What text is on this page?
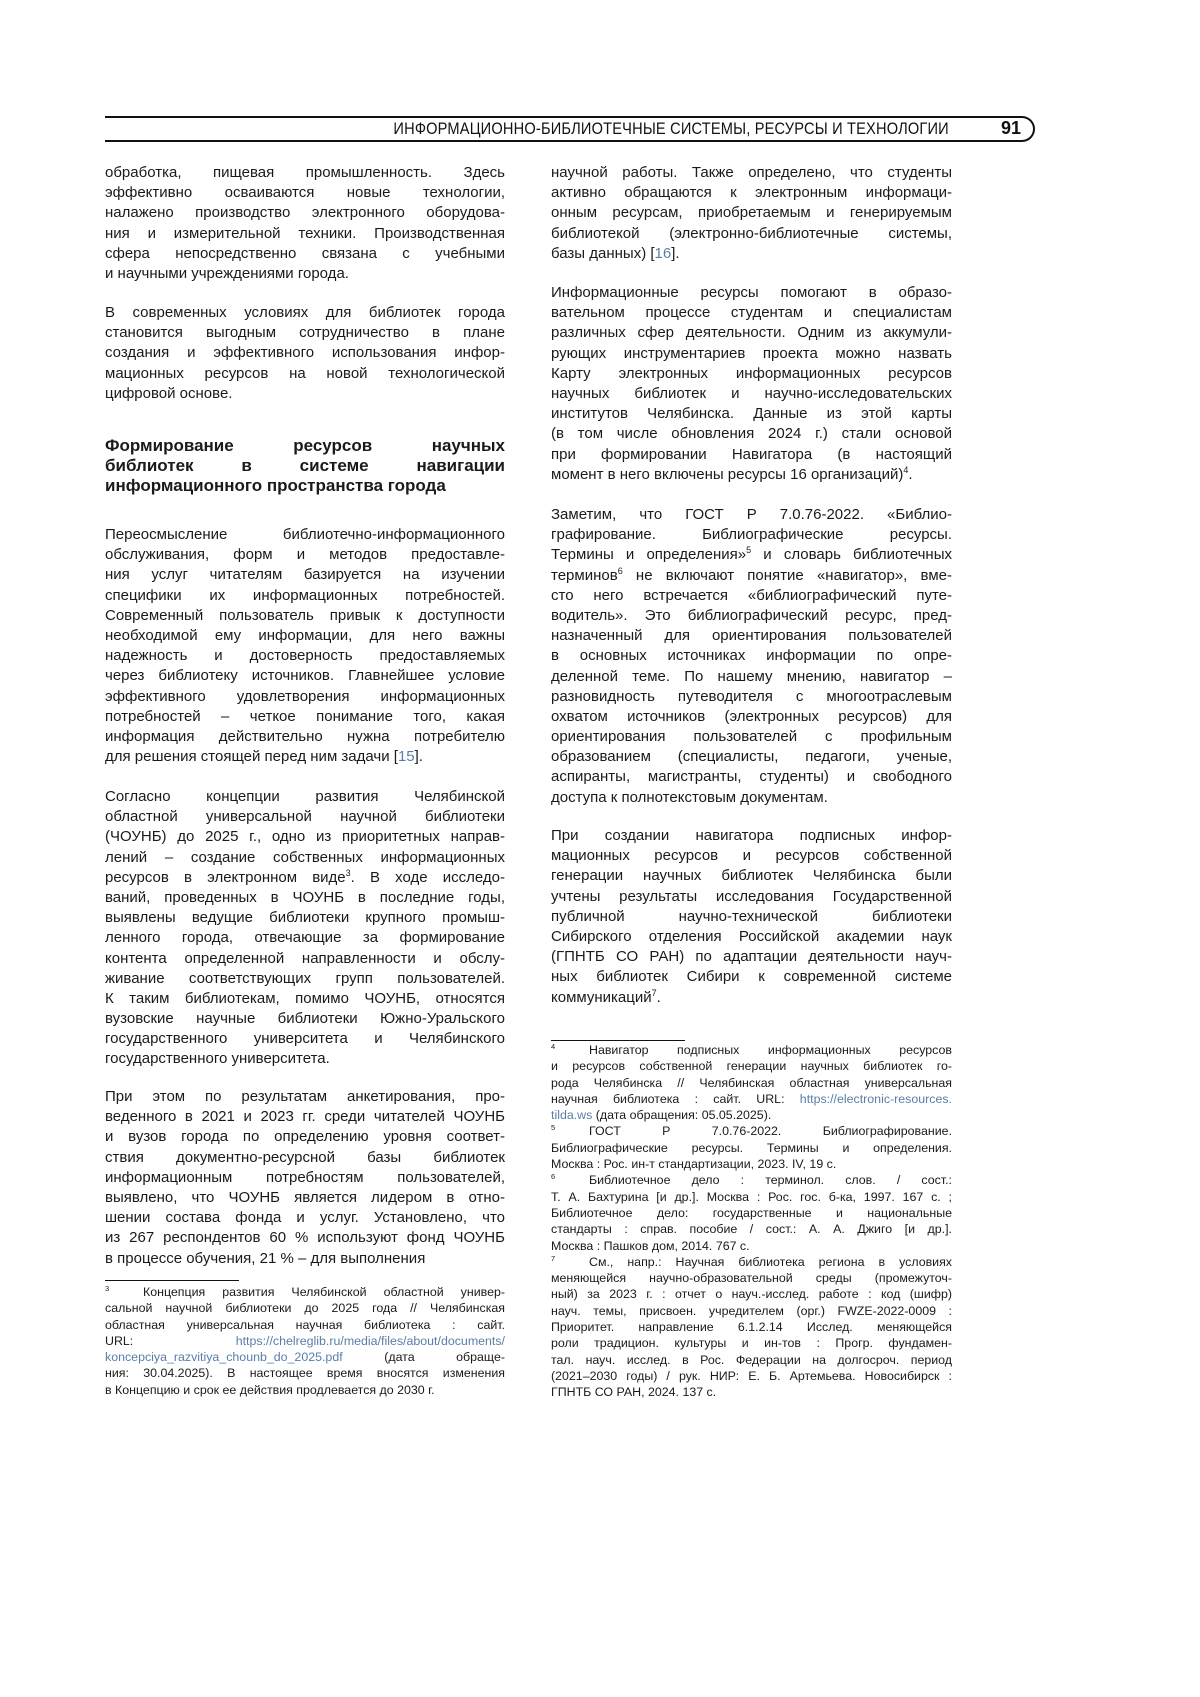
ИНФОРМАЦИОННО-БИБЛИОТЕЧНЫЕ СИСТЕМЫ, РЕСУРСЫ И ТЕХНОЛОГИИ	91
обработка, пищевая промышленность. Здесь
эффективно осваиваются новые технологии,
налажено производство электронного оборудова-
ния и измерительной техники. Производственная
сфера непосредственно связана с учебными
и научными учреждениями города.
В современных условиях для библиотек города
становится выгодным сотрудничество в плане
создания и эффективного использования инфор-
мационных ресурсов на новой технологической
цифровой основе.
Формирование ресурсов научных
библиотек в системе навигации
информационного пространства города
Переосмысление библиотечно-информационного
обслуживания, форм и методов предоставле-
ния услуг читателям базируется на изучении
специфики их информационных потребностей.
Современный пользователь привык к доступности
необходимой ему информации, для него важны
надежность и достоверность предоставляемых
через библиотеку источников. Главнейшее условие
эффективного удовлетворения информационных
потребностей – четкое понимание того, какая
информация действительно нужна потребителю
для решения стоящей перед ним задачи [15].
Согласно концепции развития Челябинской
областной универсальной научной библиотеки
(ЧОУНБ) до 2025 г., одно из приоритетных направ-
лений – создание собственных информационных
ресурсов в электронном виде3. В ходе исследо-
ваний, проведенных в ЧОУНБ в последние годы,
выявлены ведущие библиотеки крупного промыш-
ленного города, отвечающие за формирование
контента определенной направленности и обслу-
живание соответствующих групп пользователей.
К таким библиотекам, помимо ЧОУНБ, относятся
вузовские научные библиотеки Южно-Уральского
государственного университета и Челябинского
государственного университета.
При этом по результатам анкетирования, про-
веденного в 2021 и 2023 гг. среди читателей ЧОУНБ
и вузов города по определению уровня соответ-
ствия документно-ресурсной базы библиотек
информационным потребностям пользователей,
выявлено, что ЧОУНБ является лидером в отно-
шении состава фонда и услуг. Установлено, что
из 267 респондентов 60 % используют фонд ЧОУНБ
в процессе обучения, 21 % – для выполнения
3	Концепция развития Челябинской областной универ-
сальной научной библиотеки до 2025 года // Челябинская
областная универсальная научная библиотека : сайт.
URL: https://chelreglib.ru/media/files/about/documents/
koncepciya_razvitiya_chounb_do_2025.pdf (дата обраще-
ния: 30.04.2025). В настоящее время вносятся изменения
в Концепцию и срок ее действия продлевается до 2030 г.
научной работы. Также определено, что студенты
активно обращаются к электронным информаци-
онным ресурсам, приобретаемым и генерируемым
библиотекой (электронно-библиотечные системы,
базы данных) [16].
Информационные ресурсы помогают в образо-
вательном процессе студентам и специалистам
различных сфер деятельности. Одним из аккумули-
рующих инструментариев проекта можно назвать
Карту электронных информационных ресурсов
научных библиотек и научно-исследовательских
институтов Челябинска. Данные из этой карты
(в том числе обновления 2024 г.) стали основой
при формировании Навигатора (в настоящий
момент в него включены ресурсы 16 организаций)4.
Заметим, что ГОСТ Р 7.0.76-2022. «Библио-
графирование. Библиографические ресурсы.
Термины и определения»5 и словарь библиотечных
терминов6 не включают понятие «навигатор», вме-
сто него встречается «библиографический путе-
водитель». Это библиографический ресурс, пред-
назначенный для ориентирования пользователей
в основных источниках информации по опре-
деленной теме. По нашему мнению, навигатор –
разновидность путеводителя с многоотраслевым
охватом источников (электронных ресурсов) для
ориентирования пользователей с профильным
образованием (специалисты, педагоги, ученые,
аспиранты, магистранты, студенты) и свободного
доступа к полнотекстовым документам.
При создании навигатора подписных инфор-
мационных ресурсов и ресурсов собственной
генерации научных библиотек Челябинска были
учтены результаты исследования Государственной
публичной научно-технической библиотеки
Сибирского отделения Российской академии наук
(ГПНТБ СО РАН) по адаптации деятельности науч-
ных библиотек Сибири к современной системе
коммуникаций7.
4	Навигатор подписных информационных ресурсов
и ресурсов собственной генерации научных библиотек го-
рода Челябинска // Челябинская областная универсальная
научная библиотека : сайт. URL: https://electronic-resources.
tilda.ws (дата обращения: 05.05.2025).
5	ГОСТ Р 7.0.76-2022. Библиографирование.
Библиографические ресурсы. Термины и определения.
Москва : Рос. ин-т стандартизации, 2023. IV, 19 с.
6	Библиотечное дело : терминол. слов. / сост.:
Т. А. Бахтурина [и др.]. Москва : Рос. гос. б-ка, 1997. 167 с. ;
Библиотечное дело: государственные и национальные
стандарты : справ. пособие / сост.: А. А. Джиго [и др.].
Москва : Пашков дом, 2014. 767 с.
7	См., напр.: Научная библиотека региона в условиях
меняющейся научно-образовательной среды (промежуточ-
ный) за 2023 г. : отчет о науч.-исслед. работе : код (шифр)
науч. темы, присвоен. учредителем (орг.) FWZE-2022-0009 :
Приоритет. направление 6.1.2.14 Исслед. меняющейся
роли традицион. культуры и ин-тов : Прогр. фундамен-
тал. науч. исслед. в Рос. Федерации на долгосроч. период
(2021–2030 годы) / рук. НИР: Е. Б. Артемьева. Новосибирск :
ГПНТБ СО РАН, 2024. 137 с.
